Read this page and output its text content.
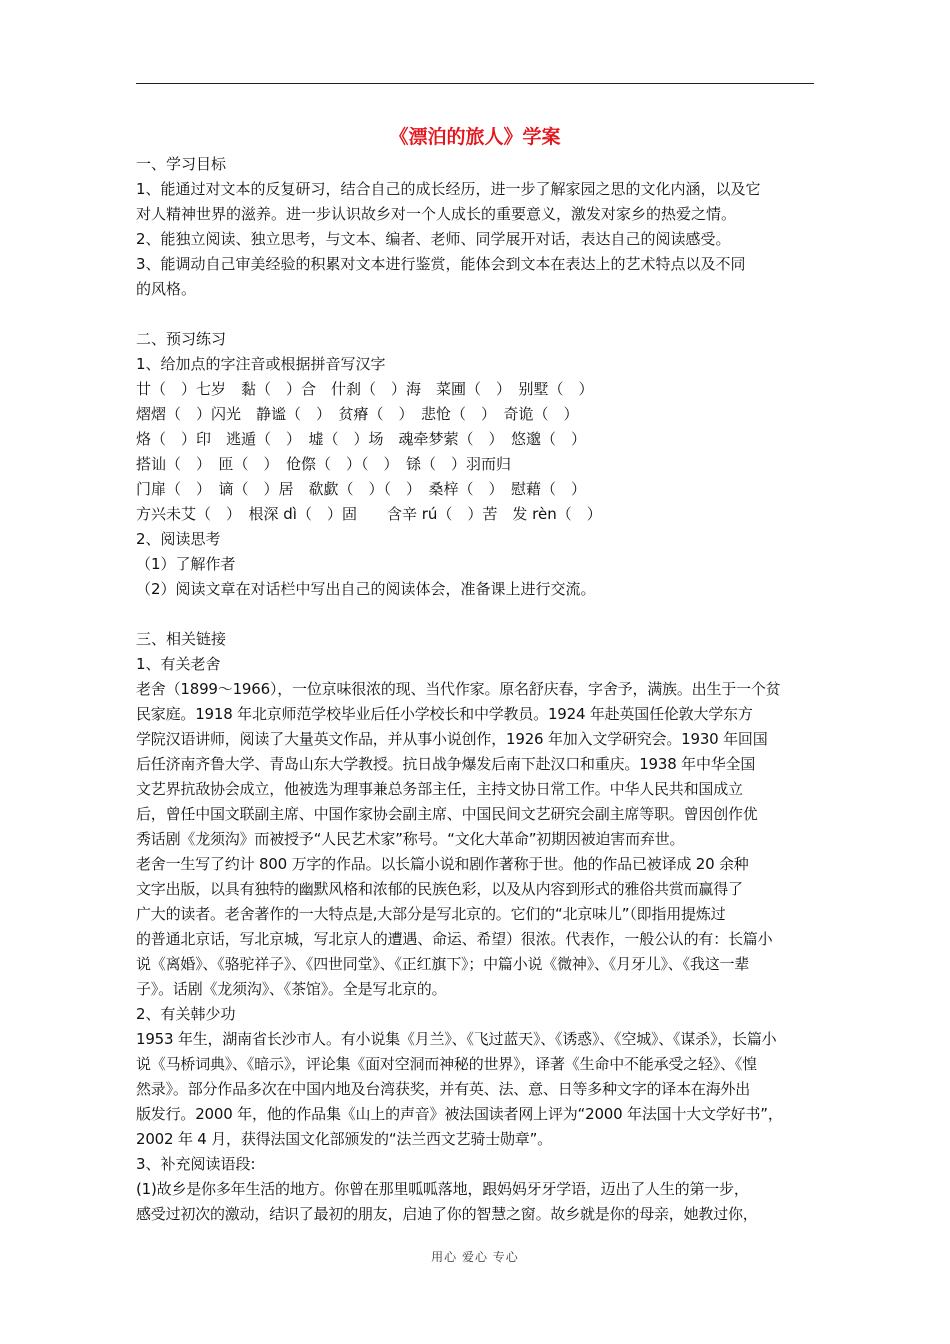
《漂泊的旅人》学案

一、学习目标

1、能通过对文本的反复研习，结合自己的成长经历，进一步了解家园之思的文化内涵，以及它

对人精神世界的滋养。进一步认识故乡对一个人成长的重要意义，激发对家乡的热爱之情。

2、能独立阅读、独立思考，与文本、编者、老师、同学展开对话，表达自己的阅读感受。

3、能调动自己审美经验的积累对文本进行鉴赏，能体会到文本在表达上的艺术特点以及不同

的风格。

二、预习练习

1、给加点的字注音或根据拼音写汉字

廿（　）七岁　黏（　）合　什刹（　）海　菜圃（　）　别墅（　）

熠熠（　）闪光　静谧（　）　贫瘠（　）　悲怆（　）　奇诡（　）

烙（　）印　逃遁（　）　墟（　）场　魂牵梦萦（　）　悠邈（　）

搭讪（　）　匝（　）　伧傺（　）（　）　铩（　）羽而归

门扉（　）　谪（　）居　欷歔（　）（　）　桑梓（　）　慰藉（　）

方兴未艾（　）　根深 dì（　）固　　含辛 rú（　）苦　发 rèn（　）

2、阅读思考

（1）了解作者

（2）阅读文章在对话栏中写出自己的阅读体会，准备课上进行交流。

三、相关链接

1、有关老舍

老舍（1899～1966），一位京味很浓的现、当代作家。原名舒庆春，字舍予，满族。出生于一个贫

民家庭。1918 年北京师范学校毕业后任小学校长和中学教员。1924 年赴英国任伦敦大学东方

学院汉语讲师，阅读了大量英文作品，并从事小说创作，1926 年加入文学研究会。1930 年回国

后任济南齐鲁大学、青岛山东大学教授。抗日战争爆发后南下赴汉口和重庆。1938 年中华全国

文艺界抗敌协会成立，他被选为理事兼总务部主任，主持文协日常工作。中华人民共和国成立

后，曾任中国文联副主席、中国作家协会副主席、中国民间文艺研究会副主席等职。曾因创作优

秀话剧《龙须沟》而被授予“人民艺术家”称号。“文化大革命”初期因被迫害而弃世。

老舍一生写了约计 800 万字的作品。以长篇小说和剧作著称于世。他的作品已被译成 20 余种

文字出版，以具有独特的幽默风格和浓郁的民族色彩，以及从内容到形式的雅俗共赏而赢得了

广大的读者。老舍著作的一大特点是,大部分是写北京的。它们的“北京味儿”（即指用提炼过

的普通北京话，写北京城，写北京人的遭遇、命运、希望）很浓。代表作，一般公认的有：长篇小

说《离婚》、《骆驼祥子》、《四世同堂》、《正红旗下》；中篇小说《微神》、《月牙儿》、《我这一辈

子》。话剧《龙须沟》、《茶馆》。全是写北京的。

2、有关韩少功

1953 年生，湖南省长沙市人。有小说集《月兰》、《飞过蓝天》、《诱惑》、《空城》、《谋杀》，长篇小

说《马桥词典》、《暗示》，评论集《面对空洞而神秘的世界》，译著《生命中不能承受之轻》、《惶

然录》。部分作品多次在中国内地及台湾获奖，并有英、法、意、日等多种文字的译本在海外出

版发行。2000 年，他的作品集《山上的声音》被法国读者网上评为“2000 年法国十大文学好书”，

2002 年 4 月，获得法国文化部颁发的“法兰西文艺骑士勋章”。

3、补充阅读语段:

(1)故乡是你多年生活的地方。你曾在那里呱呱落地，跟妈妈牙牙学语，迈出了人生的第一步，

感受过初次的激动，结识了最初的朋友，启迪了你的智慧之窗。故乡就是你的母亲，她教过你，

用心 爱心 专心
